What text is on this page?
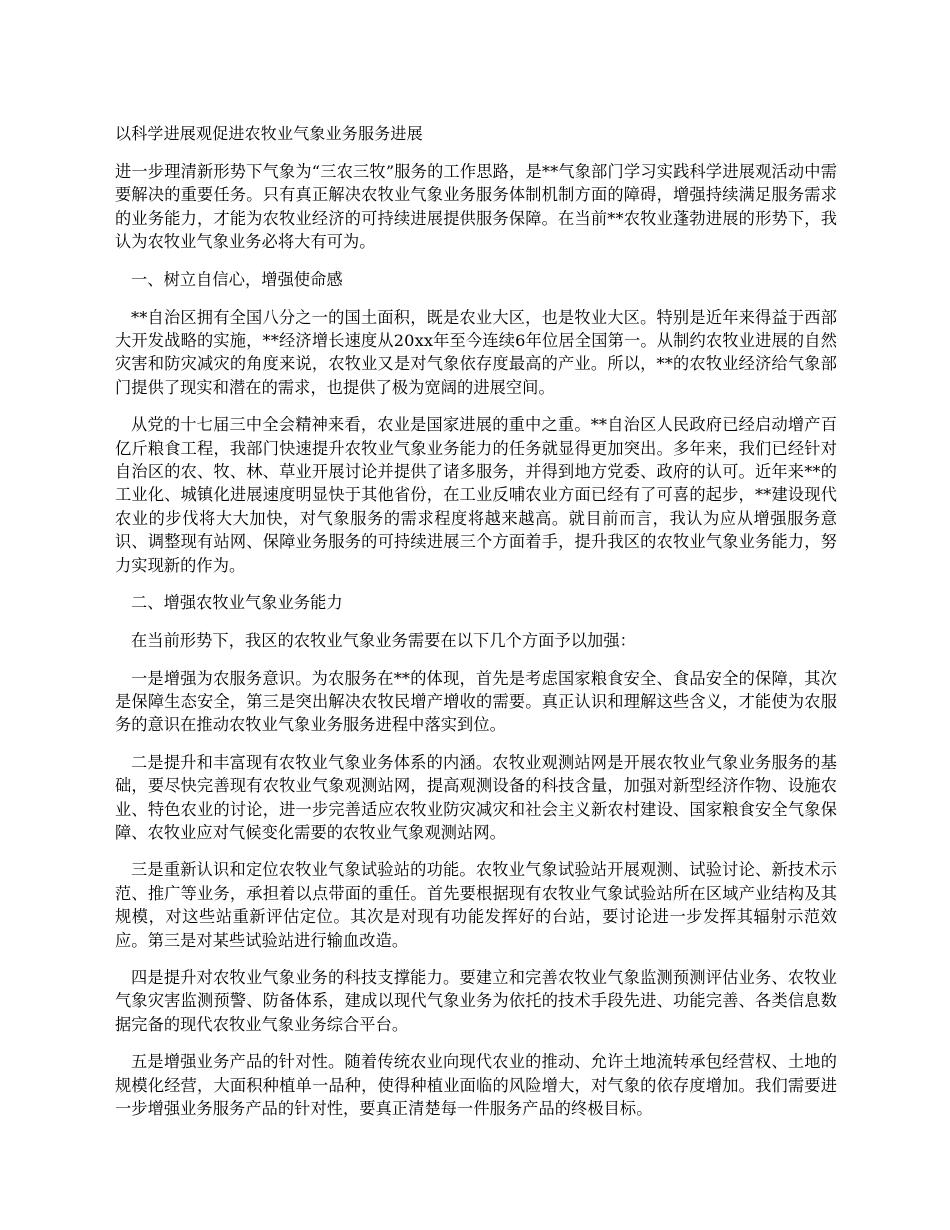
以科学进展观促进农牧业气象业务服务进展

进一步理清新形势下气象为“三农三牧”服务的工作思路，是**气象部门学习实践科学进展观活动中需要解决的重要任务。只有真正解决农牧业气象业务服务体制机制方面的障碍，增强持续满足服务需求的业务能力，才能为农牧业经济的可持续进展提供服务保障。在当前**农牧业蓬勃进展的形势下，我认为农牧业气象业务必将大有可为。

一、树立自信心，增强使命感

**自治区拥有全国八分之一的国土面积，既是农业大区，也是牧业大区。特别是近年来得益于西部大开发战略的实施，**经济增长速度从20xx年至今连续6年位居全国第一。从制约农牧业进展的自然灾害和防灾减灾的角度来说，农牧业又是对气象依存度最高的产业。所以，**的农牧业经济给气象部门提供了现实和潜在的需求，也提供了极为宽阔的进展空间。

从党的十七届三中全会精神来看，农业是国家进展的重中之重。**自治区人民政府已经启动增产百亿斤粮食工程，我部门快速提升农牧业气象业务能力的任务就显得更加突出。多年来，我们已经针对自治区的农、牧、林、草业开展讨论并提供了诸多服务，并得到地方党委、政府的认可。近年来**的工业化、城镇化进展速度明显快于其他省份，在工业反哺农业方面已经有了可喜的起步，**建设现代农业的步伐将大大加快，对气象服务的需求程度将越来越高。就目前而言，我认为应从增强服务意识、调整现有站网、保障业务服务的可持续进展三个方面着手，提升我区的农牧业气象业务能力，努力实现新的作为。

二、增强农牧业气象业务能力

在当前形势下，我区的农牧业气象业务需要在以下几个方面予以加强：

一是增强为农服务意识。为农服务在**的体现，首先是考虑国家粮食安全、食品安全的保障，其次是保障生态安全，第三是突出解决农牧民增产增收的需要。真正认识和理解这些含义，才能使为农服务的意识在推动农牧业气象业务服务进程中落实到位。

二是提升和丰富现有农牧业气象业务体系的内涵。农牧业观测站网是开展农牧业气象业务服务的基础，要尽快完善现有农牧业气象观测站网，提高观测设备的科技含量，加强对新型经济作物、设施农业、特色农业的讨论，进一步完善适应农牧业防灾减灾和社会主义新农村建设、国家粮食安全气象保障、农牧业应对气候变化需要的农牧业气象观测站网。

三是重新认识和定位农牧业气象试验站的功能。农牧业气象试验站开展观测、试验讨论、新技术示范、推广等业务，承担着以点带面的重任。首先要根据现有农牧业气象试验站所在区域产业结构及其规模，对这些站重新评估定位。其次是对现有功能发挥好的台站，要讨论进一步发挥其辐射示范效应。第三是对某些试验站进行输血改造。

四是提升对农牧业气象业务的科技支撑能力。要建立和完善农牧业气象监测预测评估业务、农牧业气象灾害监测预警、防备体系，建成以现代气象业务为依托的技术手段先进、功能完善、各类信息数据完备的现代农牧业气象业务综合平台。

五是增强业务产品的针对性。随着传统农业向现代农业的推动、允许土地流转承包经营权、土地的规模化经营，大面积种植单一品种，使得种植业面临的风险增大，对气象的依存度增加。我们需要进一步增强业务服务产品的针对性，要真正清楚每一件服务产品的终极目标。
